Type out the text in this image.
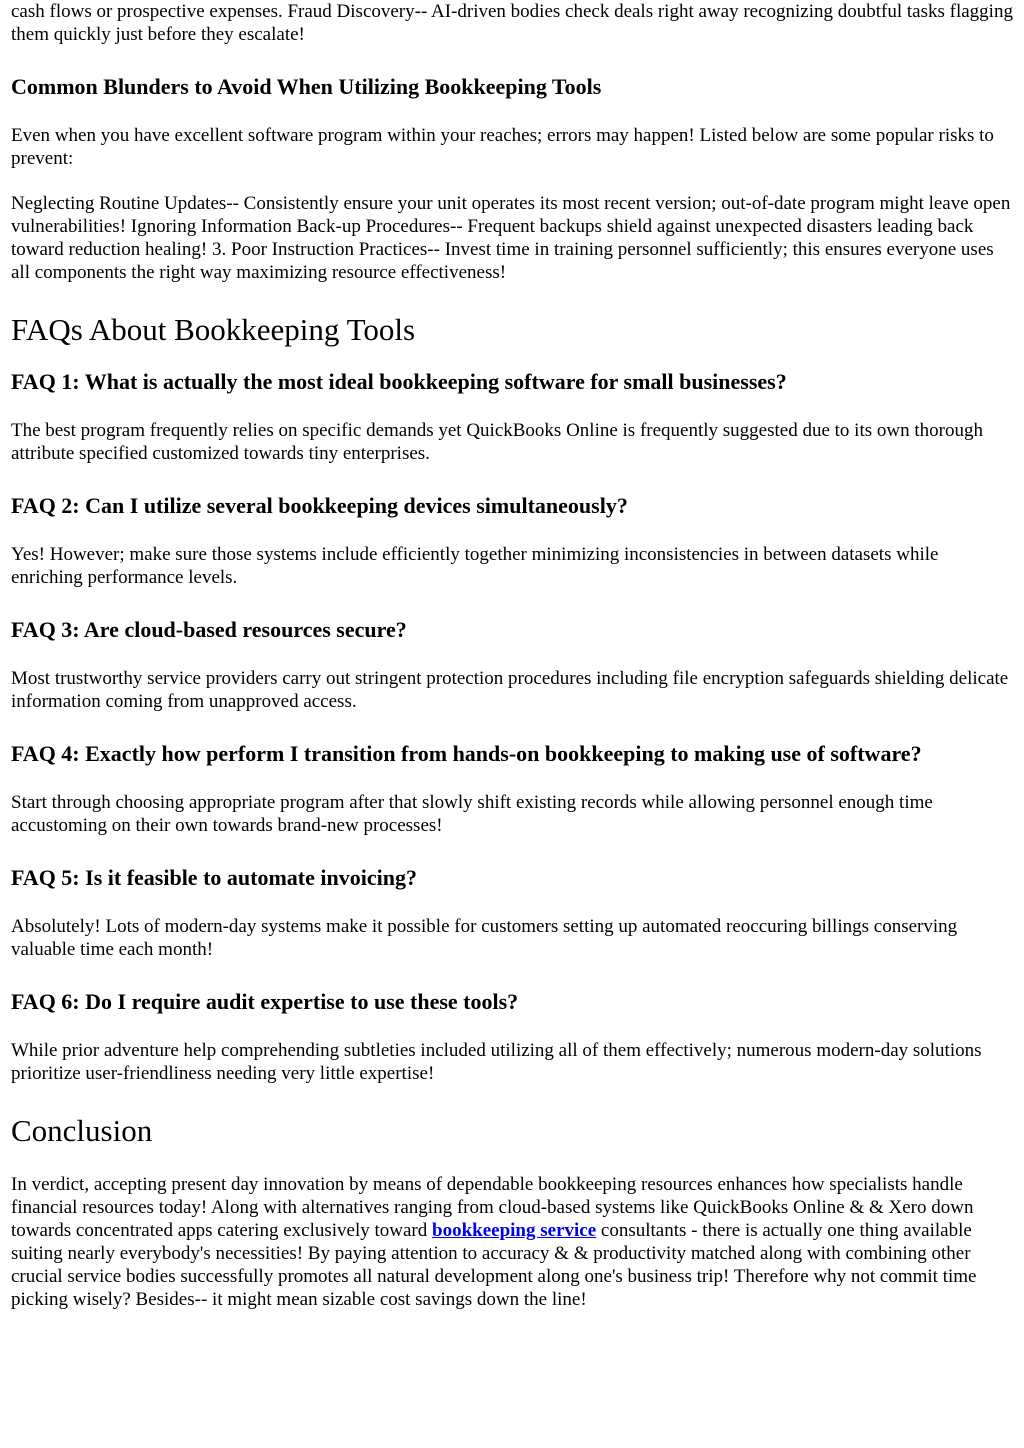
cash flows or prospective expenses. Fraud Discovery-- AI-driven bodies check deals right away recognizing doubtful tasks flagging them quickly just before they escalate!

Common Blunders to Avoid When Utilizing Bookkeeping Tools

Even when you have excellent software program within your reaches; errors may happen! Listed below are some popular risks to prevent:

Neglecting Routine Updates-- Consistently ensure your unit operates its most recent version; out-of-date program might leave open vulnerabilities! Ignoring Information Back-up Procedures-- Frequent backups shield against unexpected disasters leading back toward reduction healing! 3. Poor Instruction Practices-- Invest time in training personnel sufficiently; this ensures everyone uses all components the right way maximizing resource effectiveness!

FAQs About Bookkeeping Tools
FAQ 1: What is actually the most ideal bookkeeping software for small businesses?

The best program frequently relies on specific demands yet QuickBooks Online is frequently suggested due to its own thorough attribute specified customized towards tiny enterprises.

FAQ 2: Can I utilize several bookkeeping devices simultaneously?

Yes! However; make sure those systems include efficiently together minimizing inconsistencies in between datasets while enriching performance levels.

FAQ 3: Are cloud-based resources secure?

Most trustworthy service providers carry out stringent protection procedures including file encryption safeguards shielding delicate information coming from unapproved access.

FAQ 4: Exactly how perform I transition from hands-on bookkeeping to making use of software?

Start through choosing appropriate program after that slowly shift existing records while allowing personnel enough time accustoming on their own towards brand-new processes!

FAQ 5: Is it feasible to automate invoicing?

Absolutely! Lots of modern-day systems make it possible for customers setting up automated reoccuring billings conserving valuable time each month!

FAQ 6: Do I require audit expertise to use these tools?

While prior adventure help comprehending subtleties included utilizing all of them effectively; numerous modern-day solutions prioritize user-friendliness needing very little expertise!

Conclusion

In verdict, accepting present day innovation by means of dependable bookkeeping resources enhances how specialists handle financial resources today! Along with alternatives ranging from cloud-based systems like QuickBooks Online & & Xero down towards concentrated apps catering exclusively toward bookkeeping service consultants - there is actually one thing available suiting nearly everybody's necessities! By paying attention to accuracy & & productivity matched along with combining other crucial service bodies successfully promotes all natural development along one's business trip! Therefore why not commit time picking wisely? Besides-- it might mean sizable cost savings down the line!
